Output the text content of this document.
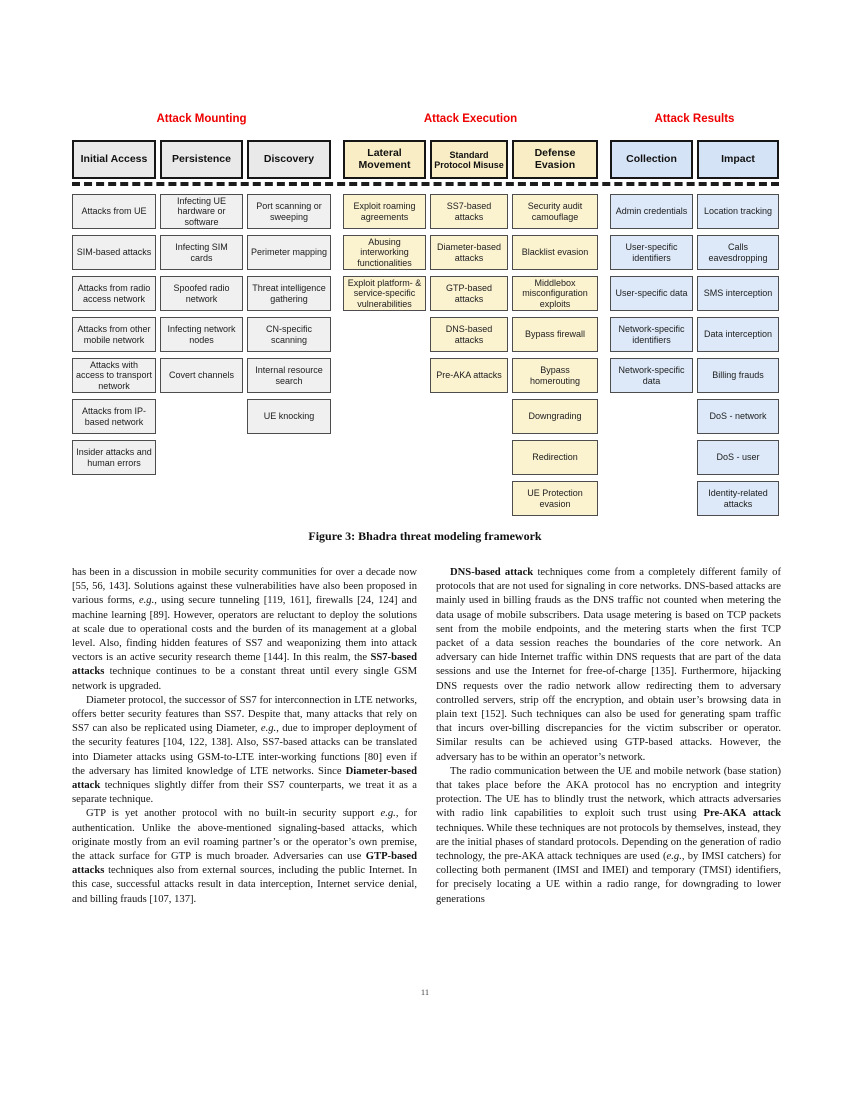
Attack Mounting	Attack Execution	Attack Results
Initial Access
Attacks from UE
SIM-based attacks
Attacks from radio access network
Attacks from other mobile network
Attacks with access to transport network
Attacks from IP-based network
Insider attacks and human errors
Persistence
Infecting UE hardware or software
Infecting SIM cards
Spoofed radio network
Infecting network nodes
Covert channels
Discovery
Port scanning or sweeping
Perimeter mapping
Threat intelligence gathering
CN-specific scanning
Internal resource search
UE knocking
Lateral Movement
Exploit roaming agreements
Abusing interworking functionalities
Exploit platform- & service-specific vulnerabilities
Standard Protocol Misuse
SS7-based attacks
Diameter-based attacks
GTP-based attacks
DNS-based attacks
Pre-AKA attacks
Defense Evasion
Security audit camouflage
Blacklist evasion
Middlebox misconfiguration exploits
Bypass firewall
Bypass homerouting
Downgrading
Redirection
UE Protection evasion
Collection
Admin credentials
User-specific identifiers
User-specific data
Network-specific identifiers
Network-specific data
Impact
Location tracking
Calls eavesdropping
SMS interception
Data interception
Billing frauds
DoS - network
DoS - user
Identity-related attacks
Figure 3: Bhadra threat modeling framework

has been in a discussion in mobile security communities for over a decade now [55, 56, 143]. Solutions against these vulnerabilities have also been proposed in various forms, e.g., using secure tunneling [119, 161], firewalls [24, 124] and machine learning [89]. However, operators are reluctant to deploy the solutions at scale due to operational costs and the burden of its management at a global level. Also, finding hidden features of SS7 and weaponizing them into attack vectors is an active security research theme [144]. In this realm, the SS7-based attacks technique continues to be a constant threat until every single GSM network is upgraded.

Diameter protocol, the successor of SS7 for interconnection in LTE networks, offers better security features than SS7. Despite that, many attacks that rely on SS7 can also be replicated using Diameter, e.g., due to improper deployment of the security features [104, 122, 138]. Also, SS7-based attacks can be translated into Diameter attacks using GSM-to-LTE inter-working functions [80] even if the adversary has limited knowledge of LTE networks. Since Diameter-based attack techniques slightly differ from their SS7 counterparts, we treat it as a separate technique.

GTP is yet another protocol with no built-in security support e.g., for authentication. Unlike the above-mentioned signaling-based attacks, which originate mostly from an evil roaming partner’s or the operator’s own premise, the attack surface for GTP is much broader. Adversaries can use GTP-based attacks techniques also from external sources, including the public Internet. In this case, successful attacks result in data interception, Internet service denial, and billing frauds [107, 137].

DNS-based attack techniques come from a completely different family of protocols that are not used for signaling in core networks. DNS-based attacks are mainly used in billing frauds as the DNS traffic not counted when metering the data usage of mobile subscribers. Data usage metering is based on TCP packets sent from the mobile endpoints, and the metering starts when the first TCP packet of a data session reaches the boundaries of the core network. An adversary can hide Internet traffic within DNS requests that are part of the data sessions and use the Internet for free-of-charge [135]. Furthermore, hijacking DNS requests over the radio network allow redirecting them to adversary controlled servers, strip off the encryption, and obtain user’s browsing data in plain text [152]. Such techniques can also be used for generating spam traffic that incurs over-billing discrepancies for the victim subscriber or operator. Similar results can be achieved using GTP-based attacks. However, the adversary has to be within an operator’s network.

The radio communication between the UE and mobile network (base station) that takes place before the AKA protocol has no encryption and integrity protection. The UE has to blindly trust the network, which attracts adversaries with radio link capabilities to exploit such trust using Pre-AKA attack techniques. While these techniques are not protocols by themselves, instead, they are the initial phases of standard protocols. Depending on the generation of radio technology, the pre-AKA attack techniques are used (e.g., by IMSI catchers) for collecting both permanent (IMSI and IMEI) and temporary (TMSI) identifiers, for precisely locating a UE within a radio range, for downgrading to lower generations

11
